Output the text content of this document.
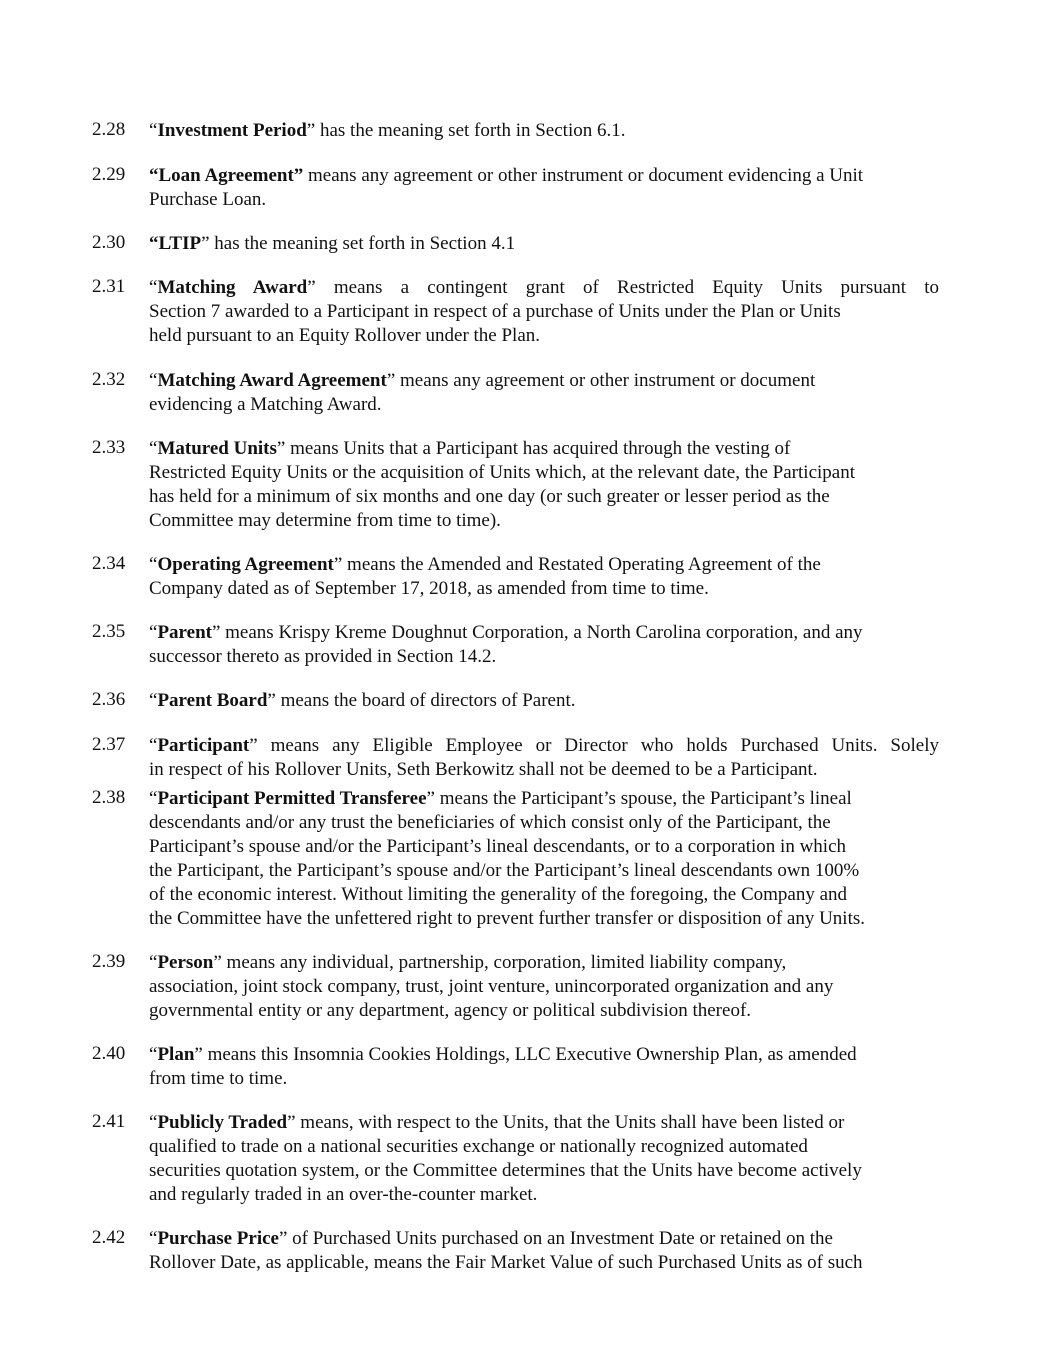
2.28	“Investment Period” has the meaning set forth in Section 6.1.
2.29	“Loan Agreement” means any agreement or other instrument or document evidencing a Unit
Purchase Loan.
2.30	“LTIP” has the meaning set forth in Section 4.1
2.31	“Matching Award” means a contingent grant of Restricted Equity Units pursuant to
Section 7 awarded to a Participant in respect of a purchase of Units under the Plan or Units
held pursuant to an Equity Rollover under the Plan.
2.32	“Matching Award Agreement” means any agreement or other instrument or document
evidencing a Matching Award.
2.33	“Matured Units” means Units that a Participant has acquired through the vesting of
Restricted Equity Units or the acquisition of Units which, at the relevant date, the Participant
has held for a minimum of six months and one day (or such greater or lesser period as the
Committee may determine from time to time).
2.34	“Operating Agreement” means the Amended and Restated Operating Agreement of the
Company dated as of September 17, 2018, as amended from time to time.
2.35	“Parent” means Krispy Kreme Doughnut Corporation, a North Carolina corporation, and any
successor thereto as provided in Section 14.2.
2.36	“Parent Board” means the board of directors of Parent.
2.37	“Participant” means any Eligible Employee or Director who holds Purchased Units. Solely
in respect of his Rollover Units, Seth Berkowitz shall not be deemed to be a Participant.
2.38	“Participant Permitted Transferee” means the Participant’s spouse, the Participant’s lineal
descendants and/or any trust the beneficiaries of which consist only of the Participant, the
Participant’s spouse and/or the Participant’s lineal descendants, or to a corporation in which
the Participant, the Participant’s spouse and/or the Participant’s lineal descendants own 100%
of the economic interest. Without limiting the generality of the foregoing, the Company and
the Committee have the unfettered right to prevent further transfer or disposition of any Units.
2.39	“Person” means any individual, partnership, corporation, limited liability company,
association, joint stock company, trust, joint venture, unincorporated organization and any
governmental entity or any department, agency or political subdivision thereof.
2.40	“Plan” means this Insomnia Cookies Holdings, LLC Executive Ownership Plan, as amended
from time to time.
2.41	“Publicly Traded” means, with respect to the Units, that the Units shall have been listed or
qualified to trade on a national securities exchange or nationally recognized automated
securities quotation system, or the Committee determines that the Units have become actively
and regularly traded in an over-the-counter market.
2.42	“Purchase Price” of Purchased Units purchased on an Investment Date or retained on the
Rollover Date, as applicable, means the Fair Market Value of such Purchased Units as of such
